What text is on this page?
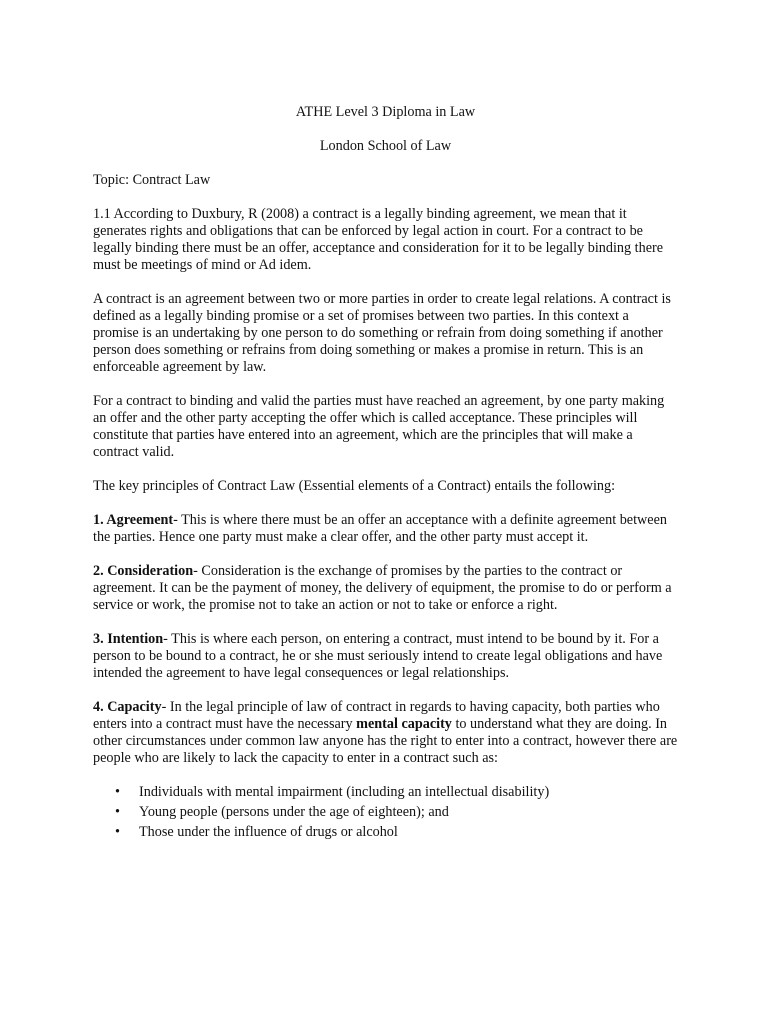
ATHE Level 3 Diploma in Law
London School of Law

Topic: Contract Law

1.1 According to Duxbury, R (2008) a contract is a legally binding agreement, we mean that it generates rights and obligations that can be enforced by legal action in court. For a contract to be legally binding there must be an offer, acceptance and consideration for it to be legally binding there must be meetings of mind or Ad idem.

A contract is an agreement between two or more parties in order to create legal relations. A contract is defined as a legally binding promise or a set of promises between two parties. In this context a promise is an undertaking by one person to do something or refrain from doing something if another person does something or refrains from doing something or makes a promise in return. This is an enforceable agreement by law.

For a contract to binding and valid the parties must have reached an agreement, by one party making an offer and the other party accepting the offer which is called acceptance. These principles will constitute that parties have entered into an agreement, which are the principles that will make a contract valid.

The key principles of Contract Law (Essential elements of a Contract) entails the following:

1. Agreement- This is where there must be an offer an acceptance with a definite agreement between the parties. Hence one party must make a clear offer, and the other party must accept it.

2. Consideration- Consideration is the exchange of promises by the parties to the contract or agreement. It can be the payment of money, the delivery of equipment, the promise to do or perform a service or work, the promise not to take an action or not to take or enforce a right.

3. Intention- This is where each person, on entering a contract, must intend to be bound by it. For a person to be bound to a contract, he or she must seriously intend to create legal obligations and have intended the agreement to have legal consequences or legal relationships.

4. Capacity- In the legal principle of law of contract in regards to having capacity, both parties who enters into a contract must have the necessary mental capacity to understand what they are doing. In other circumstances under common law anyone has the right to enter into a contract, however there are people who are likely to lack the capacity to enter in a contract such as:

• Individuals with mental impairment (including an intellectual disability)
• Young people (persons under the age of eighteen); and
• Those under the influence of drugs or alcohol
